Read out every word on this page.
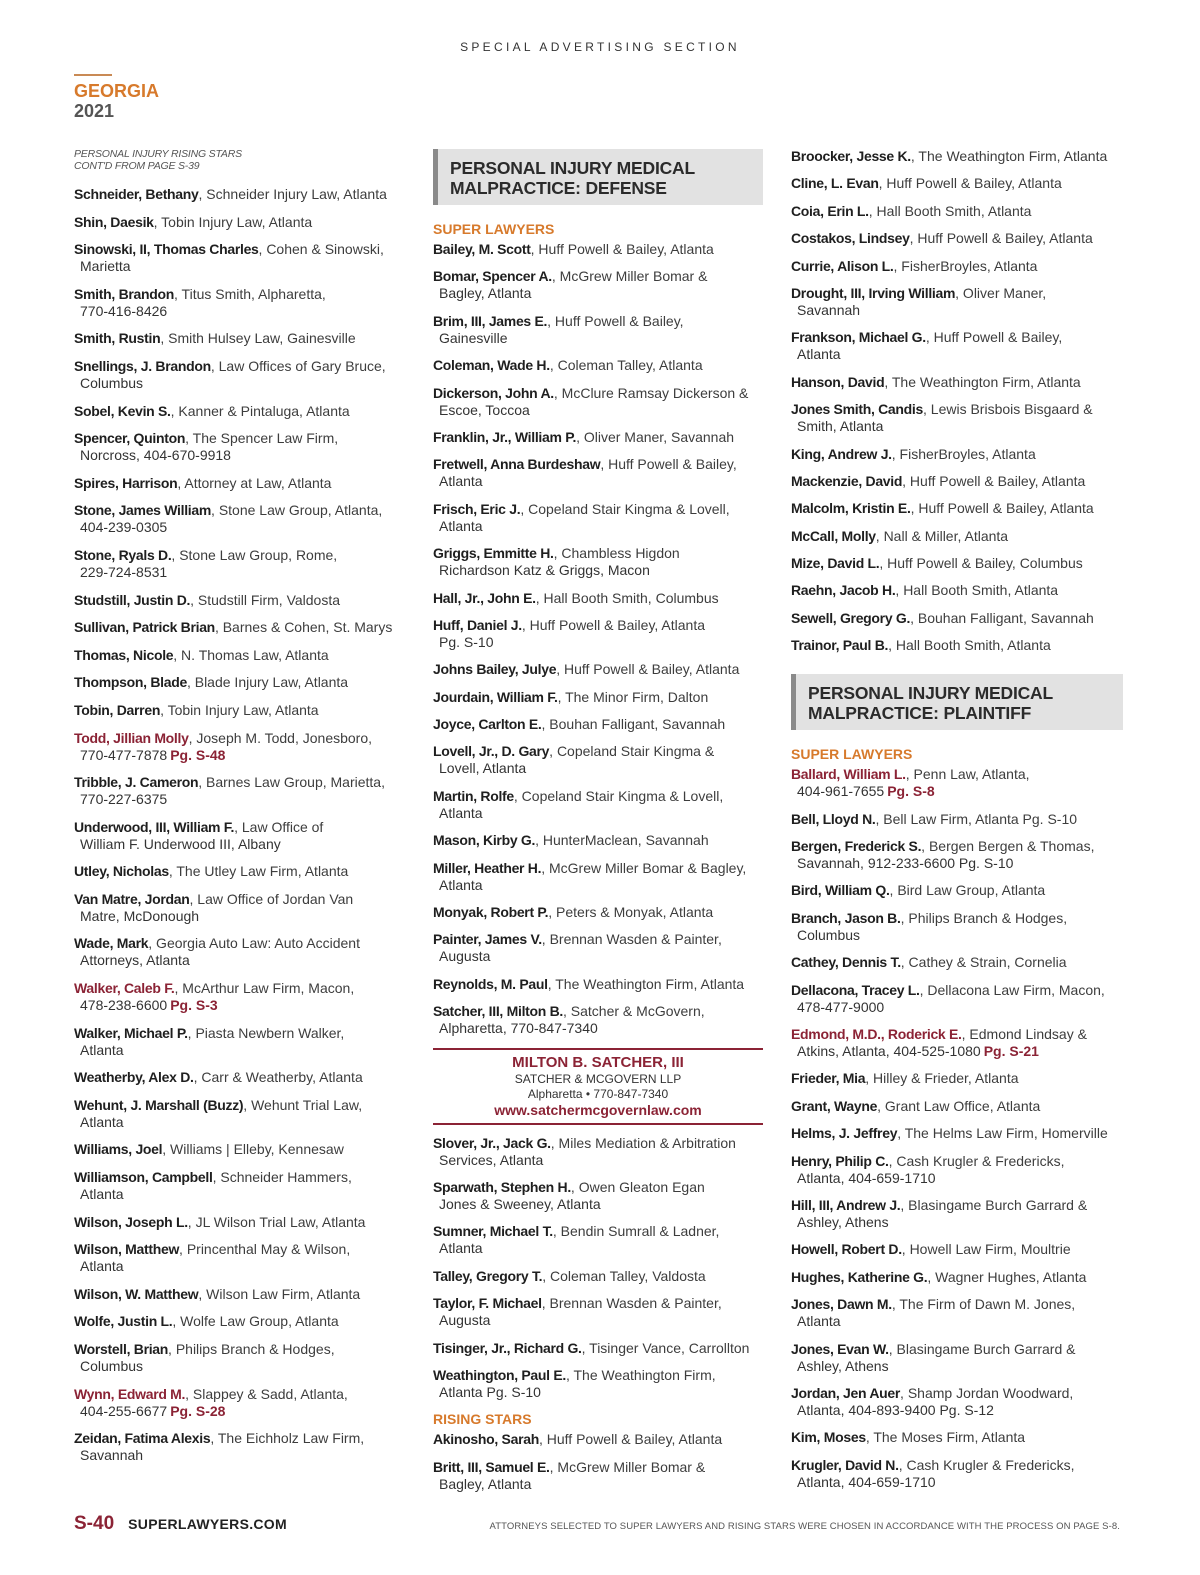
SPECIAL ADVERTISING SECTION
GEORGIA
2021
PERSONAL INJURY RISING STARS
CONT'D FROM PAGE S-39
Schneider, Bethany, Schneider Injury Law, Atlanta
Shin, Daesik, Tobin Injury Law, Atlanta
Sinowski, II, Thomas Charles, Cohen & Sinowski,
Marietta
Smith, Brandon, Titus Smith, Alpharetta,
770-416-8426
Smith, Rustin, Smith Hulsey Law, Gainesville
Snellings, J. Brandon, Law Offices of Gary Bruce,
Columbus
Sobel, Kevin S., Kanner & Pintaluga, Atlanta
Spencer, Quinton, The Spencer Law Firm,
Norcross, 404-670-9918
Spires, Harrison, Attorney at Law, Atlanta
Stone, James William, Stone Law Group, Atlanta,
404-239-0305
Stone, Ryals D., Stone Law Group, Rome,
229-724-8531
Studstill, Justin D., Studstill Firm, Valdosta
Sullivan, Patrick Brian, Barnes & Cohen, St. Marys
Thomas, Nicole, N. Thomas Law, Atlanta
Thompson, Blade, Blade Injury Law, Atlanta
Tobin, Darren, Tobin Injury Law, Atlanta
Todd, Jillian Molly, Joseph M. Todd, Jonesboro,
770-477-7878 Pg. S-48
Tribble, J. Cameron, Barnes Law Group, Marietta,
770-227-6375
Underwood, III, William F., Law Office of
William F. Underwood III, Albany
Utley, Nicholas, The Utley Law Firm, Atlanta
Van Matre, Jordan, Law Office of Jordan Van
Matre, McDonough
Wade, Mark, Georgia Auto Law: Auto Accident
Attorneys, Atlanta
Walker, Caleb F., McArthur Law Firm, Macon,
478-238-6600 Pg. S-3
Walker, Michael P., Piasta Newbern Walker,
Atlanta
Weatherby, Alex D., Carr & Weatherby, Atlanta
Wehunt, J. Marshall (Buzz), Wehunt Trial Law,
Atlanta
Williams, Joel, Williams | Elleby, Kennesaw
Williamson, Campbell, Schneider Hammers,
Atlanta
Wilson, Joseph L., JL Wilson Trial Law, Atlanta
Wilson, Matthew, Princenthal May & Wilson,
Atlanta
Wilson, W. Matthew, Wilson Law Firm, Atlanta
Wolfe, Justin L., Wolfe Law Group, Atlanta
Worstell, Brian, Philips Branch & Hodges,
Columbus
Wynn, Edward M., Slappey & Sadd, Atlanta,
404-255-6677 Pg. S-28
Zeidan, Fatima Alexis, The Eichholz Law Firm,
Savannah
PERSONAL INJURY MEDICAL
MALPRACTICE: DEFENSE
SUPER LAWYERS
Bailey, M. Scott, Huff Powell & Bailey, Atlanta
Bomar, Spencer A., McGrew Miller Bomar &
Bagley, Atlanta
Brim, III, James E., Huff Powell & Bailey,
Gainesville
Coleman, Wade H., Coleman Talley, Atlanta
Dickerson, John A., McClure Ramsay Dickerson &
Escoe, Toccoa
Franklin, Jr., William P., Oliver Maner, Savannah
Fretwell, Anna Burdeshaw, Huff Powell & Bailey,
Atlanta
Frisch, Eric J., Copeland Stair Kingma & Lovell,
Atlanta
Griggs, Emmitte H., Chambless Higdon
Richardson Katz & Griggs, Macon
Hall, Jr., John E., Hall Booth Smith, Columbus
Huff, Daniel J., Huff Powell & Bailey, Atlanta
Pg. S-10
Johns Bailey, Julye, Huff Powell & Bailey, Atlanta
Jourdain, William F., The Minor Firm, Dalton
Joyce, Carlton E., Bouhan Falligant, Savannah
Lovell, Jr., D. Gary, Copeland Stair Kingma &
Lovell, Atlanta
Martin, Rolfe, Copeland Stair Kingma & Lovell,
Atlanta
Mason, Kirby G., HunterMaclean, Savannah
Miller, Heather H., McGrew Miller Bomar & Bagley,
Atlanta
Monyak, Robert P., Peters & Monyak, Atlanta
Painter, James V., Brennan Wasden & Painter,
Augusta
Reynolds, M. Paul, The Weathington Firm, Atlanta
Satcher, III, Milton B., Satcher & McGovern,
Alpharetta, 770-847-7340
MILTON B. SATCHER, III
SATCHER & MCGOVERN LLP
Alpharetta • 770-847-7340
www.satchermcgovernlaw.com
Slover, Jr., Jack G., Miles Mediation & Arbitration
Services, Atlanta
Sparwath, Stephen H., Owen Gleaton Egan
Jones & Sweeney, Atlanta
Sumner, Michael T., Bendin Sumrall & Ladner,
Atlanta
Talley, Gregory T., Coleman Talley, Valdosta
Taylor, F. Michael, Brennan Wasden & Painter,
Augusta
Tisinger, Jr., Richard G., Tisinger Vance, Carrollton
Weathington, Paul E., The Weathington Firm,
Atlanta Pg. S-10
RISING STARS
Akinosho, Sarah, Huff Powell & Bailey, Atlanta
Britt, III, Samuel E., McGrew Miller Bomar &
Bagley, Atlanta
Broocker, Jesse K., The Weathington Firm, Atlanta
Cline, L. Evan, Huff Powell & Bailey, Atlanta
Coia, Erin L., Hall Booth Smith, Atlanta
Costakos, Lindsey, Huff Powell & Bailey, Atlanta
Currie, Alison L., FisherBroyles, Atlanta
Drought, III, Irving William, Oliver Maner,
Savannah
Frankson, Michael G., Huff Powell & Bailey,
Atlanta
Hanson, David, The Weathington Firm, Atlanta
Jones Smith, Candis, Lewis Brisbois Bisgaard &
Smith, Atlanta
King, Andrew J., FisherBroyles, Atlanta
Mackenzie, David, Huff Powell & Bailey, Atlanta
Malcolm, Kristin E., Huff Powell & Bailey, Atlanta
McCall, Molly, Nall & Miller, Atlanta
Mize, David L., Huff Powell & Bailey, Columbus
Raehn, Jacob H., Hall Booth Smith, Atlanta
Sewell, Gregory G., Bouhan Falligant, Savannah
Trainor, Paul B., Hall Booth Smith, Atlanta
PERSONAL INJURY MEDICAL
MALPRACTICE: PLAINTIFF
SUPER LAWYERS
Ballard, William L., Penn Law, Atlanta,
404-961-7655 Pg. S-8
Bell, Lloyd N., Bell Law Firm, Atlanta Pg. S-10
Bergen, Frederick S., Bergen Bergen & Thomas,
Savannah, 912-233-6600 Pg. S-10
Bird, William Q., Bird Law Group, Atlanta
Branch, Jason B., Philips Branch & Hodges,
Columbus
Cathey, Dennis T., Cathey & Strain, Cornelia
Dellacona, Tracey L., Dellacona Law Firm, Macon,
478-477-9000
Edmond, M.D., Roderick E., Edmond Lindsay &
Atkins, Atlanta, 404-525-1080 Pg. S-21
Frieder, Mia, Hilley & Frieder, Atlanta
Grant, Wayne, Grant Law Office, Atlanta
Helms, J. Jeffrey, The Helms Law Firm, Homerville
Henry, Philip C., Cash Krugler & Fredericks,
Atlanta, 404-659-1710
Hill, III, Andrew J., Blasingame Burch Garrard &
Ashley, Athens
Howell, Robert D., Howell Law Firm, Moultrie
Hughes, Katherine G., Wagner Hughes, Atlanta
Jones, Dawn M., The Firm of Dawn M. Jones,
Atlanta
Jones, Evan W., Blasingame Burch Garrard &
Ashley, Athens
Jordan, Jen Auer, Shamp Jordan Woodward,
Atlanta, 404-893-9400 Pg. S-12
Kim, Moses, The Moses Firm, Atlanta
Krugler, David N., Cash Krugler & Fredericks,
Atlanta, 404-659-1710
S-40 SUPERLAWYERS.COM	ATTORNEYS SELECTED TO SUPER LAWYERS AND RISING STARS WERE CHOSEN IN ACCORDANCE WITH THE PROCESS ON PAGE S-8.
